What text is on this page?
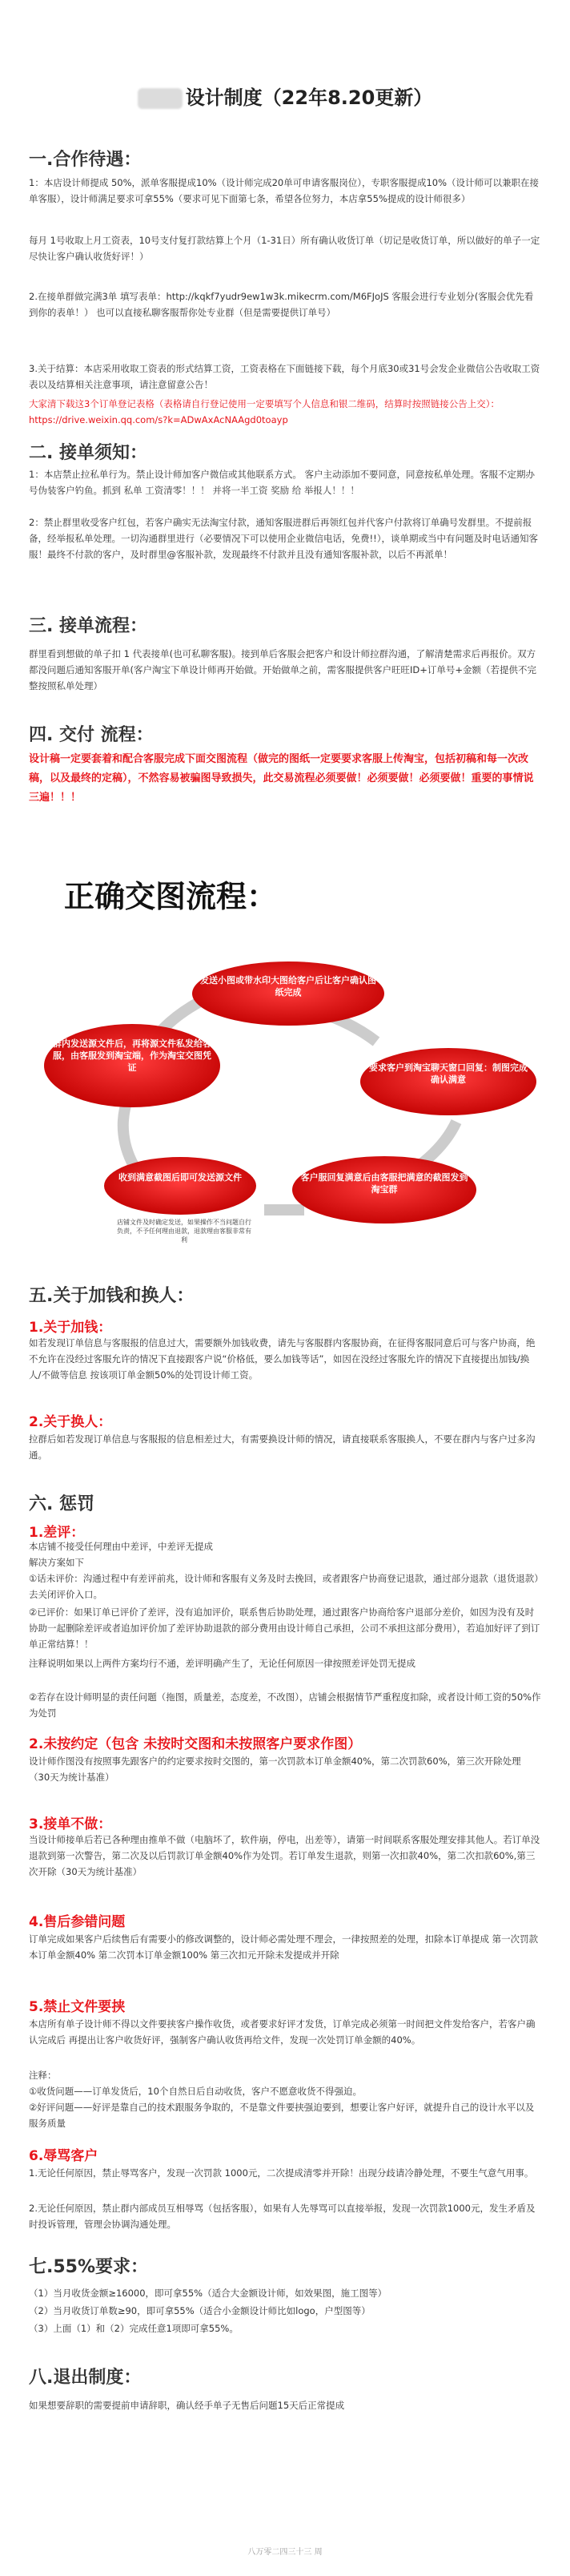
设计制度（22年8.20更新）
一.合作待遇：
1：本店设计师提成 50%，派单客服提成10%（设计师完成20单可申请客服岗位），专职客服提成10%（设计师可以兼职在接单客服），设计师满足要求可拿55%（要求可见下面第七条，希望各位努力，本店拿55%提成的设计师很多）
每月 1号收取上月工资表，10号支付复打款结算上个月（1-31日）所有确认收货订单（切记是收货订单，所以做好的单子一定尽快让客户确认收货好评！）
2.在接单群做完满3单 填写表单：http://kqkf7yudr9ew1w3k.mikecrm.com/M6FJoJS 客服会进行专业划分(客服会优先看到你的表单！） 也可以直接私聊客服帮你处专业群（但是需要提供订单号）
3.关于结算：本店采用收取工资表的形式结算工资，工资表格在下面链接下载，每个月底30或31号会发企业微信公告收取工资表以及结算相关注意事项，请注意留意公告！
大家清下载这3个订单登记表格（表格请自行登记使用一定要填写个人信息和银二维码，结算时按照链接公告上交）：https://drive.weixin.qq.com/s?k=ADwAxAcNAAgd0toayp
二. 接单须知：
1：本店禁止拉私单行为。禁止设计师加客户微信或其他联系方式。 客户主动添加不要同意，同意按私单处理。客服不定期办号伪装客户钓鱼。抓到 私单 工资清零！！！ 并将一半工资 奖励 给 举报人！！！
2：禁止群里收受客户红包，若客户确实无法淘宝付款，通知客服进群后再领红包并代客户付款将订单确号发群里。不提前报备，经举报私单处理。一切沟通群里进行（必要情况下可以使用企业微信电话，免费!!），谈单期或当中有问题及时电话通知客服！最终不付款的客户，及时群里@客服补款，发现最终不付款并且没有通知客服补款，以后不再派单！
三. 接单流程：
群里看到想做的单子扣 1 代表接单(也可私聊客服)。接到单后客服会把客户和设计师拉群沟通，了解清楚需求后再报价。双方都没问题后通知客服开单(客户淘宝下单设计师再开始做。开始做单之前，需客服提供客户旺旺ID+订单号+金额（若提供不完整按照私单处理）
四. 交付 流程：
设计稿一定要套着和配合客服完成下面交图流程（做完的图纸一定要要求客服上传淘宝，包括初稿和每一次改稿，以及最终的定稿），不然容易被骗图导致损失，此交易流程必须要做！必须要做！必须要做！重要的事情说三遍！！！
正确交图流程：
发送小图或带水印大图给客户后让客户确认图纸完成
要求客户到淘宝聊天窗口回复：制图完成确认满意
客户服回复满意后由客服把满意的截图发到淘宝群
收到满意截图后即可发送源文件
群内发送源文件后，再将源文件私发给客服，由客服发到淘宝端，作为淘宝交图凭证
店铺文件及时确定发送，如果操作不当问题自行负责，不予任何理由退款，退款理由客服非常有利
五.关于加钱和换人：
1.关于加钱：
如若发现订单信息与客服报的信息过大，需要额外加钱收费，请先与客服群内客服协商，在征得客服同意后可与客户协商，绝不允许在没经过客服允许的情况下直接跟客户说“价格低，要么加钱等话”，如因在没经过客服允许的情况下直接提出加钱/换人/不做等信息 按该项订单金额50%的处罚设计师工资。
2.关于换人：
拉群后如若发现订单信息与客服报的信息相差过大，有需要换设计师的情况，请直接联系客服换人，不要在群内与客户过多沟通。
六. 惩罚
1.差评：
本店铺不接受任何理由中差评，中差评无提成
解决方案如下
①话未评价：沟通过程中有差评前兆，设计师和客服有义务及时去挽回，或者跟客户协商登记退款，通过部分退款（退货退款）去关闭评价入口。
②已评价：如果订单已评价了差评，没有追加评价，联系售后协助处理，通过跟客户协商给客户退部分差价，如因为没有及时协助一起删除差评或者追加评价加了差评协助退款的部分费用由设计师自己承担，公司不承担这部分费用），若追加好评了到订单正常结算！！
注释说明如果以上两件方案均行不通，差评明确产生了，无论任何原因一律按照差评处罚无提成
②若存在设计师明显的责任问题（拖图，质量差，态度差，不改图），店铺会根据情节严重程度扣除，或者设计师工资的50%作为处罚
2.未按约定（包含 未按时交图和未按照客户要求作图）
设计师作图没有按照事先跟客户的约定要求按时交图的，第一次罚款本订单金额40%，第二次罚款60%，第三次开除处理（30天为统计基准）
3.接单不做：
当设计师接单后若已各种理由推单不做（电脑坏了，软件崩，停电，出差等），请第一时间联系客服处理安排其他人。若订单没退款到第一次警告，第二次及以后罚款订单金额40%作为处罚。若订单发生退款，则第一次扣款40%，第二次扣款60%,第三次开除（30天为统计基准）
4.售后参错问题
订单完成如果客户后续售后有需要小的修改调整的，设计师必需处理不理会，一律按照差的处理，扣除本订单提成 第一次罚款本订单金额40% 第二次罚本订单金额100% 第三次扣元开除未发提成并开除
5.禁止文件要挟
本店所有单子设计师不得以文件要挟客户操作收货，或者要求好评才发货，订单完成必须第一时间把文件发给客户，若客户确认完成后 再提出让客户收货好评，强制客户确认收货再给文件，发现一次处罚订单金额的40%。
注释：
①收货问题——订单发货后，10个自然日后自动收货，客户不愿意收货不得强迫。
②好评问题——好评是靠自己的技术跟服务争取的，不是靠文件要挟强迫要到，想要让客户好评，就提升自己的设计水平以及服务质量
6.辱骂客户
1.无论任何原因，禁止辱骂客户，发现一次罚款 1000元，二次提成清零并开除！出现分歧请冷静处理，不要生气意气用事。
2.无论任何原因，禁止群内部成员互相辱骂（包括客服），如果有人先辱骂可以直接举报，发现一次罚款1000元，发生矛盾及时投诉管理，管理会协调沟通处理。
七.55%要求：
（1）当月收货金额≥16000，即可拿55%（适合大金额设计师，如效果图，施工图等）
（2）当月收货订单数≥90，即可拿55%（适合小金额设计师比如logo，户型图等）
（3）上面（1）和（2）完成任意1项即可拿55%。
八.退出制度：
如果想要辞职的需要提前申请辞职，确认经手单子无售后问题15天后正常提成
八万零二四三十三 周
